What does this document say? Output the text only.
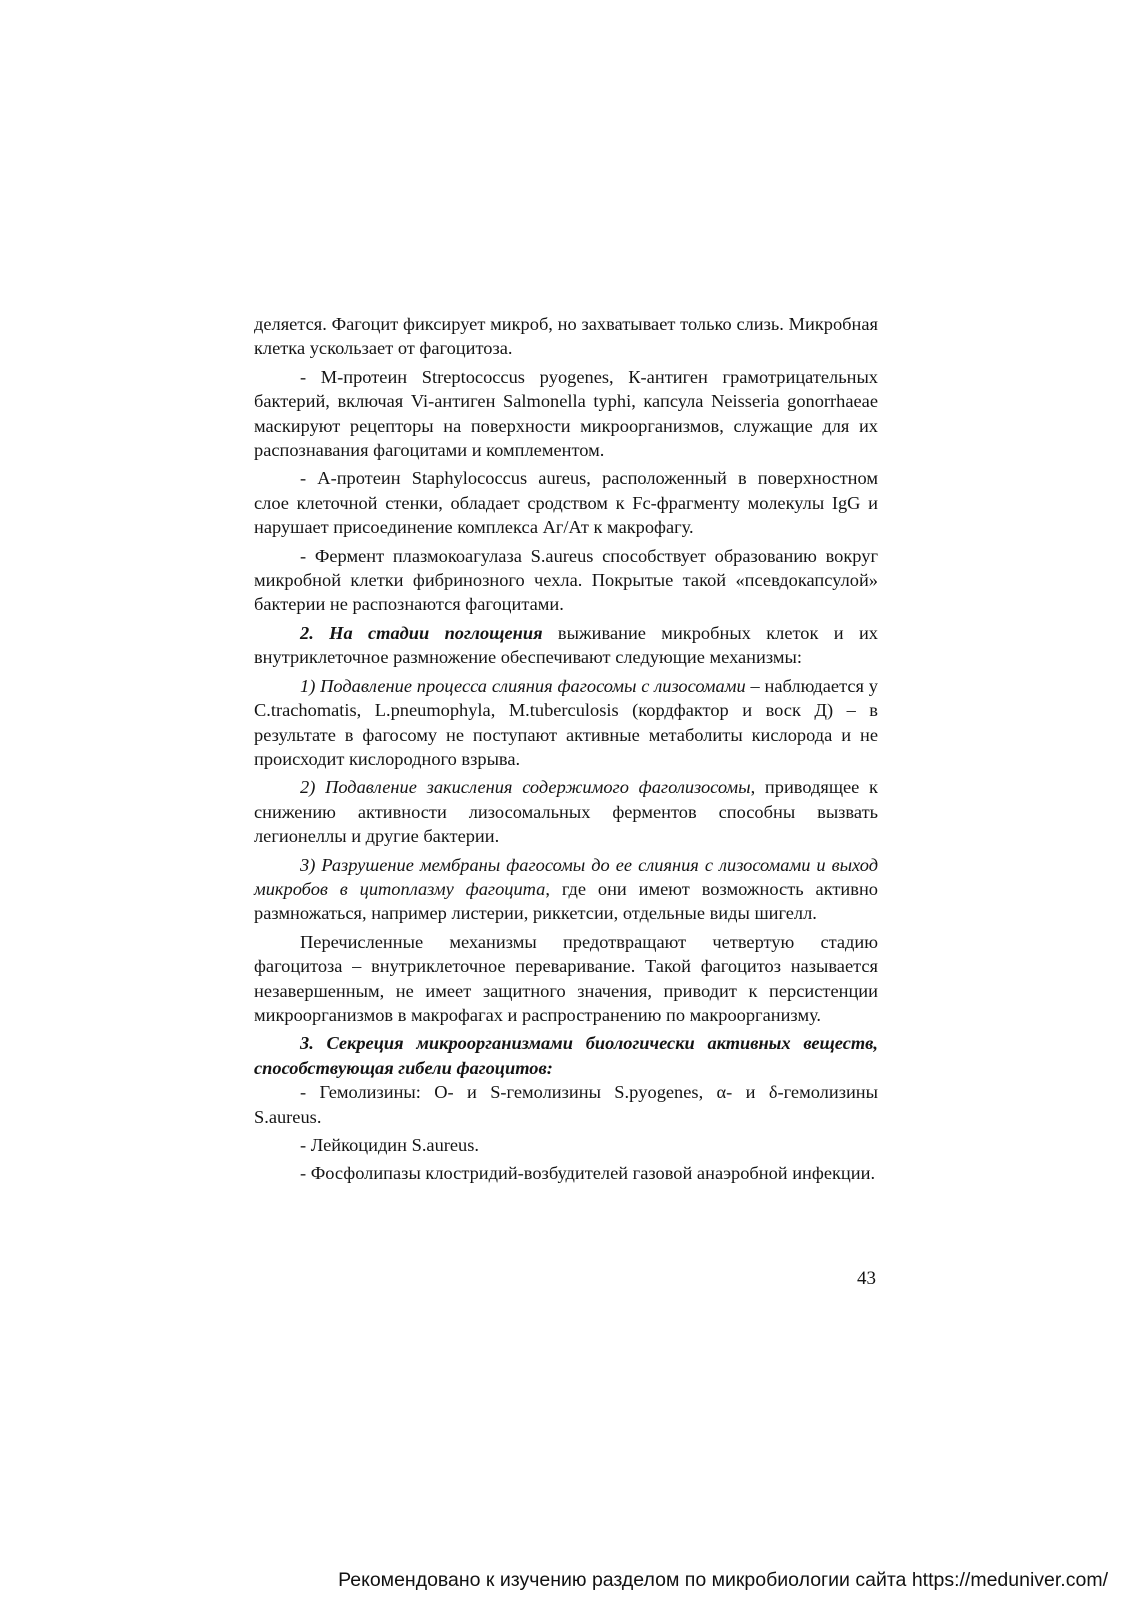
деляется. Фагоцит фиксирует микроб, но захватывает только слизь. Микробная клетка ускользает от фагоцитоза.

- М-протеин Streptococcus pyogenes, К-антиген грамотрицательных бактерий, включая Vi-антиген Salmonella typhi, капсула Neisseria gonorrhaeae маскируют рецепторы на поверхности микроорганизмов, служащие для их распознавания фагоцитами и комплементом.

- А-протеин Staphylococcus aureus, расположенный в поверхностном слое клеточной стенки, обладает сродством к Fc-фрагменту молекулы IgG и нарушает присоединение комплекса Аг/Ат к макрофагу.

- Фермент плазмокоагулаза S.aureus способствует образованию вокруг микробной клетки фибринозного чехла. Покрытые такой «псевдокапсулой» бактерии не распознаются фагоцитами.

2. На стадии поглощения выживание микробных клеток и их внутриклеточное размножение обеспечивают следующие механизмы:

1) Подавление процесса слияния фагосомы с лизосомами – наблюдается у C.trachomatis, L.pneumophyla, M.tuberculosis (кордфактор и воск Д) – в результате в фагосому не поступают активные метаболиты кислорода и не происходит кислородного взрыва.

2) Подавление закисления содержимого фаголизосомы, приводящее к снижению активности лизосомальных ферментов способны вызвать легионеллы и другие бактерии.

3) Разрушение мембраны фагосомы до ее слияния с лизосомами и выход микробов в цитоплазму фагоцита, где они имеют возможность активно размножаться, например листерии, риккетсии, отдельные виды шигелл.

Перечисленные механизмы предотвращают четвертую стадию фагоцитоза – внутриклеточное переваривание. Такой фагоцитоз называется незавершенным, не имеет защитного значения, приводит к персистенции микроорганизмов в макрофагах и распространению по макроорганизму.

3. Секреция микроорганизмами биологически активных веществ, способствующая гибели фагоцитов:

- Гемолизины: О- и S-гемолизины S.pyogenes, α- и δ-гемолизины S.aureus.

- Лейкоцидин S.aureus.

- Фосфолипазы клостридий-возбудителей газовой анаэробной инфекции.

43
Рекомендовано к изучению разделом по микробиологии сайта https://meduniver.com/
